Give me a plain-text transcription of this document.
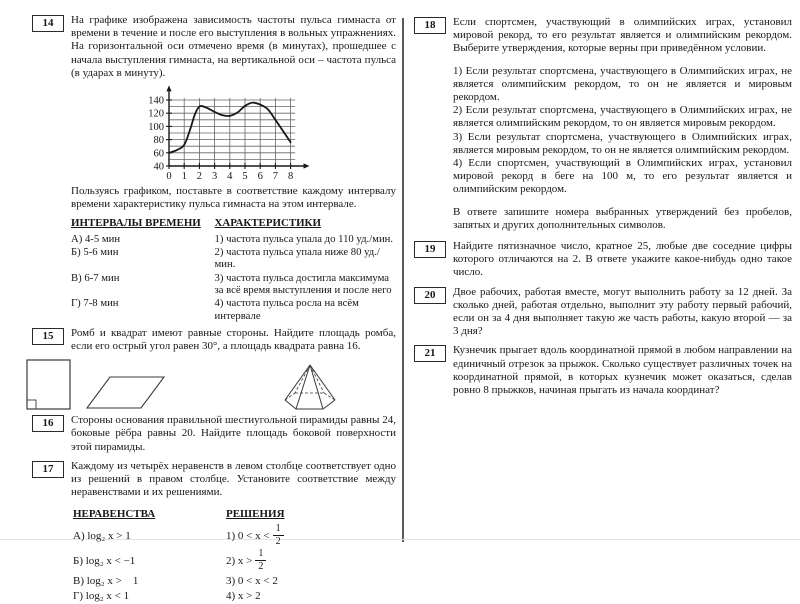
14	На графике изображена зависимость частоты пульса гимнаста от времени в течение и после его выступления в вольных упражнениях. На горизонтальной оси отмечено время (в минутах), прошедшее с начала выступления гимнаста, на вертикальной оси – частота пульса (в ударах в минуту).
40
60
80
100
120
140
0 1 2 3 4 5 6 7 8
Пользуясь графиком, поставьте в соответствие каждому интервалу времени характеристику пульса гимнаста на этом интервале.
ИНТЕРВАЛЫ ВРЕМЕНИ	ХАРАКТЕРИСТИКИ
А) 4-5 мин	1) частота пульса упала до 110 уд./мин.
Б) 5-6 мин	2) частота пульса упала ниже 80 уд./мин.
В) 6-7 мин	3) частота пульса достигла максимума за всё время выступления и после него
Г) 7-8 мин	4) частота пульса росла на всём интервале
15	Ромб и квадрат имеют равные стороны. Найдите площадь ромба, если его острый угол равен 30°, а площадь квадрата равна 16.
16	Стороны основания правильной шестиугольной пирамиды равны 24, боковые рёбра равны 20. Найдите площадь боковой поверхности этой пирамиды.
17	Каждому из четырёх неравенств в левом столбце соответствует одно из решений в правом столбце. Установите соответствие между неравенствами и их решениями.
НЕРАВЕНСТВА	РЕШЕНИЯ
А) log₂ x > 1	1) $0 < x < \frac{1}{2}$

Б) log₂ x < −1	2) $x > \frac{1}{2}$

В) log₂ x >  1	3) 0 < x < 2
Г) log₂ x < 1	4) x > 2
18	Если спортсмен, участвующий в олимпийских играх, установил мировой рекорд, то его результат является и олимпийским рекордом. Выберите утверждения, которые верны при приведённом условии.

1) Если результат спортсмена, участвующего в Олимпийских играх, не является олимпийским рекордом, то он не является и мировым рекордом.

2) Если результат спортсмена, участвующего в Олимпийских играх, не является олимпийским рекордом, то он является мировым рекордом.

3) Если результат спортсмена, участвующего в Олимпийских играх, является мировым рекордом, то он не является олимпийским рекордом.

4) Если спортсмен, участвующий в Олимпийских играх, установил мировой рекорд в беге на 100 м, то его результат является и олимпийским рекордом.

В ответе запишите номера выбранных утверждений без пробелов, запятых и других дополнительных символов.
19	Найдите пятизначное число, кратное 25, любые две соседние цифры которого отличаются на 2. В ответе укажите какое-нибудь одно такое число.
20	Двое рабочих, работая вместе, могут выполнить работу за 12 дней. За сколько дней, работая отдельно, выполнит эту работу первый рабочий, если он за 4 дня выполняет такую же часть работы, какую второй — за 3 дня?
21	Кузнечик прыгает вдоль координатной прямой в любом направлении на единичный отрезок за прыжок. Сколько существует различных точек на координатной прямой, в которых кузнечик может оказаться, сделав ровно 8 прыжков, начиная прыгать из начала координат?
